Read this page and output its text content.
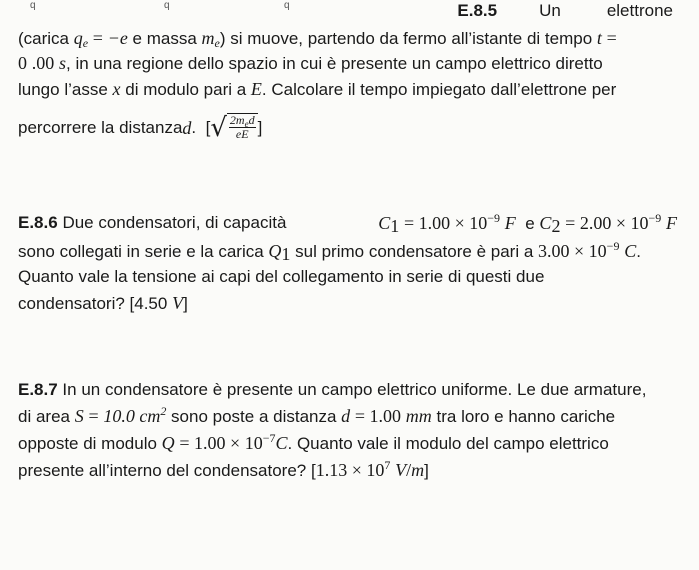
q	q	q	E.8.5 Un	elettrone
(carica $q_e = -e$ e massa $m_e$) si muove, partendo da fermo all’istante di tempo t =
0 .00 s, in una regione dello spazio in cui è presente un campo elettrico diretto
lungo l’asse x di modulo pari a E. Calcolare il tempo impiegato dall’elettrone per
percorrere la distanza d .  [ √ $\frac{2m_ed}{eE}$ ]
E.8.6 Due condensatori, di capacità	$C_1 = 1.00 \times 10^{-9}$ F e $C_2 = 2.00 \times 10^{-9}$ F
sono collegati in serie e la carica $Q_1$ sul primo condensatore è pari a $3.00 \times 10^{-9}$ C.
Quanto vale la tensione ai capi del collegamento in serie di questi due
condensatori? [4.50 V]
E.8.7 In un condensatore è presente un campo elettrico uniforme. Le due armature,
di area S = 10.0 $cm^2$ sono poste a distanza d = 1.00 mm tra loro e hanno cariche
opposte di modulo $Q = 1.00 \times 10^{-7}C$. Quanto vale il modulo del campo elettrico
presente all’interno del condensatore? [$1.13 \times 10^7$ V/m]
